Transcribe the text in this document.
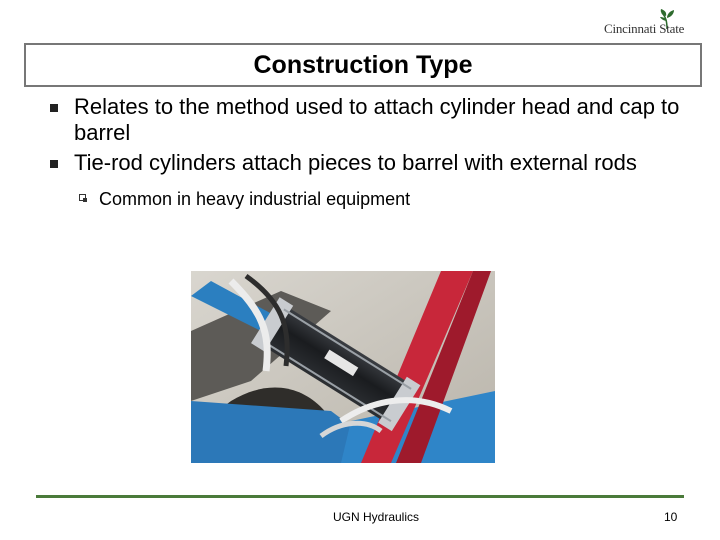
Cincinnati State
Construction Type
Relates to the method used to attach cylinder head and cap to barrel
Tie-rod cylinders attach pieces to barrel with external rods
Common in heavy industrial equipment
UGN Hydraulics	10
